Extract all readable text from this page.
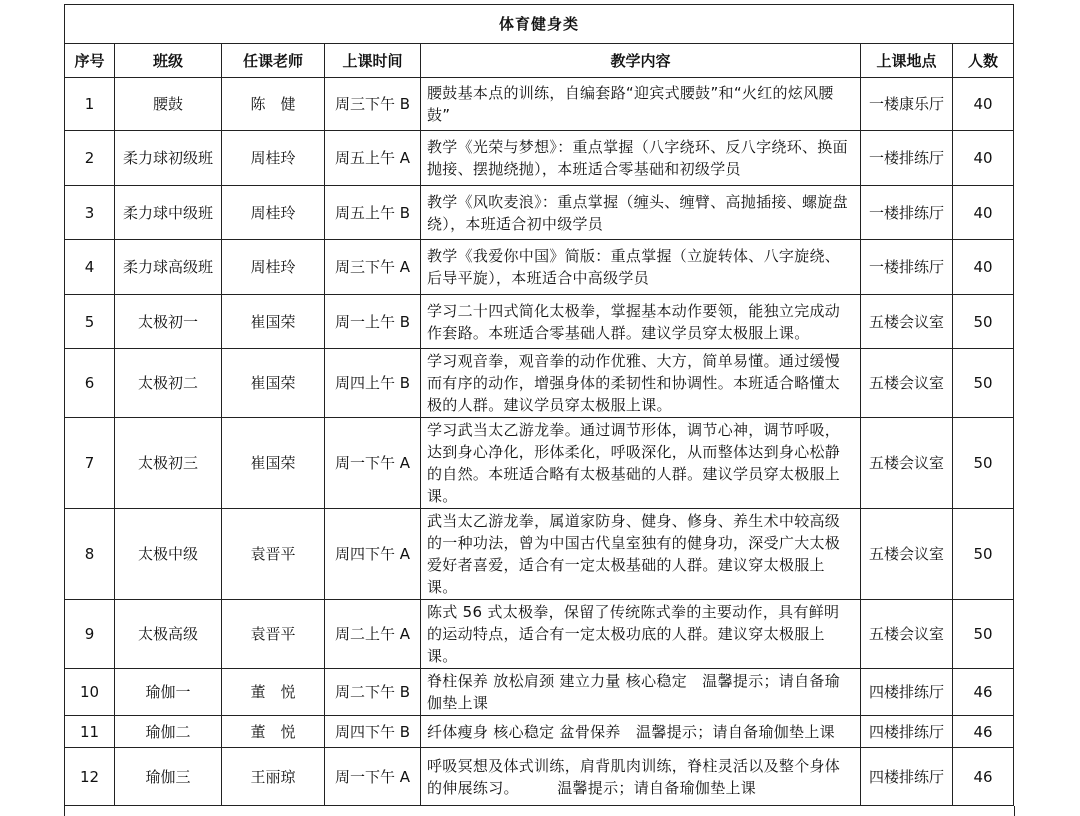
体育健身类						
序号	班级	任课老师	上课时间	教学内容	上课地点	人数
1	腰鼓	陈　健	周三下午 B	腰鼓基本点的训练，自编套路“迎宾式腰鼓”和“火红的炫风腰鼓”	一楼康乐厅	40
2	柔力球初级班	周桂玲	周五上午 A	教学《光荣与梦想》：重点掌握（八字绕环、反八字绕环、换面抛接、摆抛绕抛），本班适合零基础和初级学员	一楼排练厅	40
3	柔力球中级班	周桂玲	周五上午 B	教学《风吹麦浪》：重点掌握（缠头、缠臂、高抛插接、螺旋盘绕），本班适合初中级学员	一楼排练厅	40
4	柔力球高级班	周桂玲	周三下午 A	教学《我爱你中国》简版：重点掌握（立旋转体、八字旋绕、后导平旋），本班适合中高级学员	一楼排练厅	40
5	太极初一	崔国荣	周一上午 B	学习二十四式简化太极拳，掌握基本动作要领，能独立完成动作套路。本班适合零基础人群。建议学员穿太极服上课。	五楼会议室	50
6	太极初二	崔国荣	周四上午 B	学习观音拳，观音拳的动作优雅、大方，简单易懂。通过缓慢而有序的动作，增强身体的柔韧性和协调性。本班适合略懂太极的人群。建议学员穿太极服上课。	五楼会议室	50
7	太极初三	崔国荣	周一下午 A	学习武当太乙游龙拳。通过调节形体，调节心神，调节呼吸，达到身心净化，形体柔化，呼吸深化，从而整体达到身心松静的自然。本班适合略有太极基础的人群。建议学员穿太极服上课。	五楼会议室	50
8	太极中级	袁晋平	周四下午 A	武当太乙游龙拳，属道家防身、健身、修身、养生术中较高级的一种功法，曾为中国古代皇室独有的健身功，深受广大太极爱好者喜爱，适合有一定太极基础的人群。建议穿太极服上课。	五楼会议室	50
9	太极高级	袁晋平	周二上午 A	陈式 56 式太极拳，保留了传统陈式拳的主要动作，具有鲜明的运动特点，适合有一定太极功底的人群。建议穿太极服上课。	五楼会议室	50
10	瑜伽一	董　悦	周二下午 B	脊柱保养 放松肩颈 建立力量 核心稳定　温馨提示；请自备瑜伽垫上课	四楼排练厅	46
11	瑜伽二	董　悦	周四下午 B	纤体瘦身 核心稳定 盆骨保养　温馨提示；请自备瑜伽垫上课	四楼排练厅	46
12	瑜伽三	王丽琼	周一下午 A	呼吸冥想及体式训练，肩背肌肉训练，脊柱灵活以及整个身体的伸展练习。　　　温馨提示；请自备瑜伽垫上课	四楼排练厅	46
